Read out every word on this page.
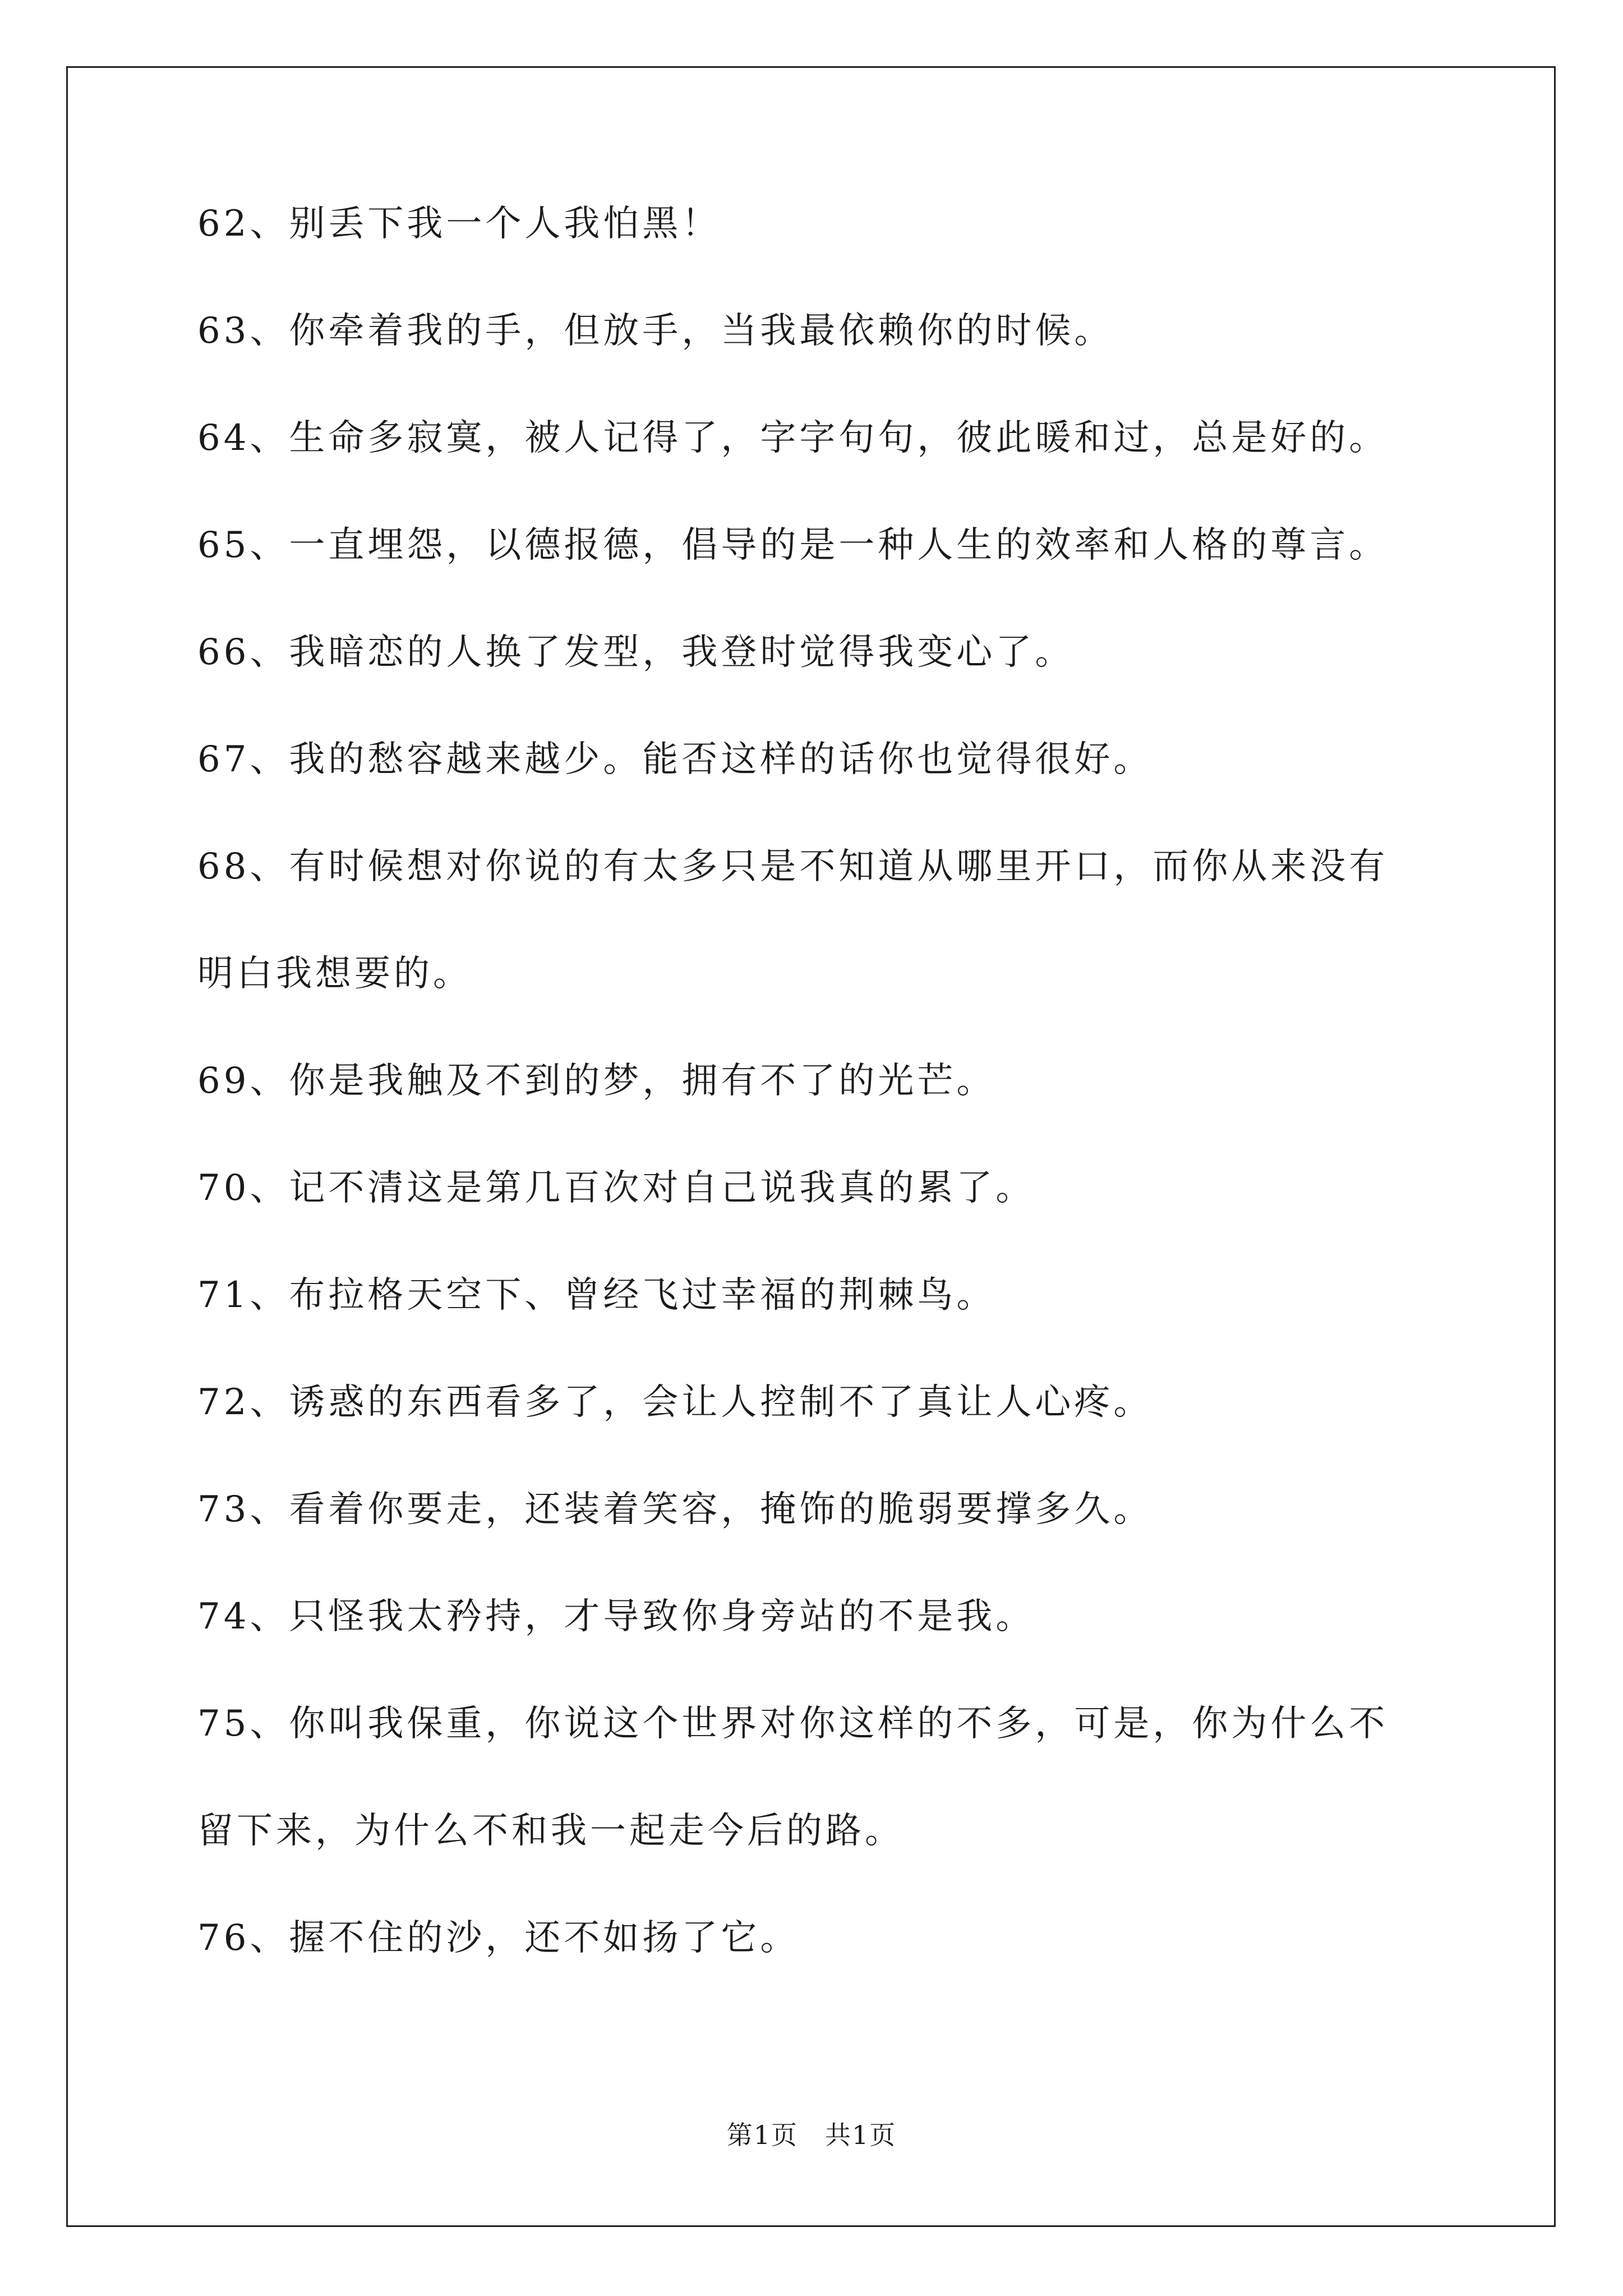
62、别丢下我一个人我怕黑！

63、你牵着我的手，但放手，当我最依赖你的时候。

64、生命多寂寞，被人记得了，字字句句，彼此暖和过，总是好的。

65、一直埋怨，以德报德，倡导的是一种人生的效率和人格的尊言。

66、我暗恋的人换了发型，我登时觉得我变心了。

67、我的愁容越来越少。能否这样的话你也觉得很好。

68、有时候想对你说的有太多只是不知道从哪里开口，而你从来没有

明白我想要的。

69、你是我触及不到的梦，拥有不了的光芒。

70、记不清这是第几百次对自己说我真的累了。

71、布拉格天空下、曾经飞过幸福的荆棘鸟。

72、诱惑的东西看多了，会让人控制不了真让人心疼。

73、看着你要走，还装着笑容，掩饰的脆弱要撑多久。

74、只怪我太矜持，才导致你身旁站的不是我。

75、你叫我保重，你说这个世界对你这样的不多，可是，你为什么不

留下来，为什么不和我一起走今后的路。

76、握不住的沙，还不如扬了它。

第1页 共1页
